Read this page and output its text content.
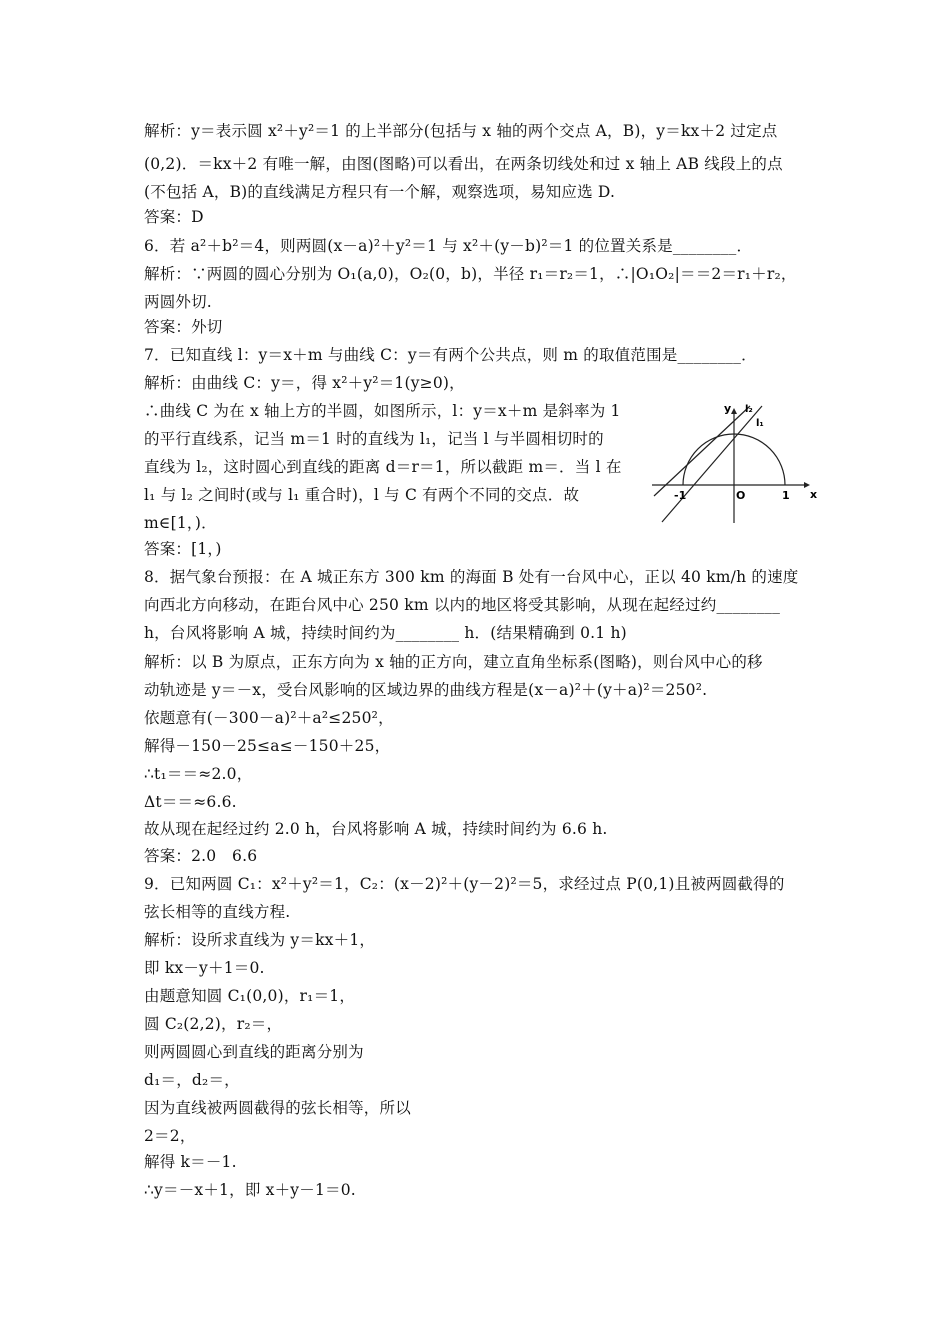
解析：y＝表示圆 x²＋y²＝1 的上半部分(包括与 x 轴的两个交点 A，B)，y＝kx＋2 过定点
(0,2)．＝kx＋2 有唯一解，由图(图略)可以看出，在两条切线处和过 x 轴上 AB 线段上的点
(不包括 A，B)的直线满足方程只有一个解，观察选项，易知应选 D.
答案：D
6．若 a²＋b²＝4，则两圆(x－a)²＋y²＝1 与 x²＋(y－b)²＝1 的位置关系是________．
解析：∵两圆的圆心分别为 O₁(a,0)，O₂(0，b)，半径 r₁＝r₂＝1，∴|O₁O₂|＝＝2＝r₁＋r₂，
两圆外切.
答案：外切
7．已知直线 l：y＝x＋m 与曲线 C：y＝有两个公共点，则 m 的取值范围是________．
解析：由曲线 C：y＝，得 x²＋y²＝1(y≥0)，
∴曲线 C 为在 x 轴上方的半圆，如图所示，l：y＝x＋m 是斜率为 1
的平行直线系，记当 m＝1 时的直线为 l₁，记当 l 与半圆相切时的
直线为 l₂，这时圆心到直线的距离 d＝r＝1，所以截距 m＝．当 l 在
l₁ 与 l₂ 之间时(或与 l₁ 重合时)，l 与 C 有两个不同的交点．故
m∈[1，)．
答案：[1，)
8．据气象台预报：在 A 城正东方 300 km 的海面 B 处有一台风中心，正以 40 km/h 的速度
向西北方向移动，在距台风中心 250 km 以内的地区将受其影响，从现在起经过约________
h，台风将影响 A 城，持续时间约为________ h．(结果精确到 0.1 h)
解析：以 B 为原点，正东方向为 x 轴的正方向，建立直角坐标系(图略)，则台风中心的移
动轨迹是 y＝－x，受台风影响的区域边界的曲线方程是(x－a)²＋(y＋a)²＝250².
依题意有(－300－a)²＋a²≤250²，
解得－150－25≤a≤－150＋25，
∴t₁＝＝≈2.0，
Δt＝＝≈6.6.
故从现在起经过约 2.0 h，台风将影响 A 城，持续时间约为 6.6 h.
答案：2.0　6.6
9．已知两圆 C₁：x²＋y²＝1，C₂：(x－2)²＋(y－2)²＝5，求经过点 P(0,1)且被两圆截得的
弦长相等的直线方程.
解析：设所求直线为 y＝kx＋1，
即 kx－y＋1＝0.
由题意知圆 C₁(0,0)，r₁＝1，
圆 C₂(2,2)，r₂＝，
则两圆圆心到直线的距离分别为
d₁＝，d₂＝，
因为直线被两圆截得的弦长相等，所以
2＝2，
解得 k＝－1.
∴y＝－x＋1，即 x＋y－1＝0.
y l₂
l₁
-1	O	1 x
